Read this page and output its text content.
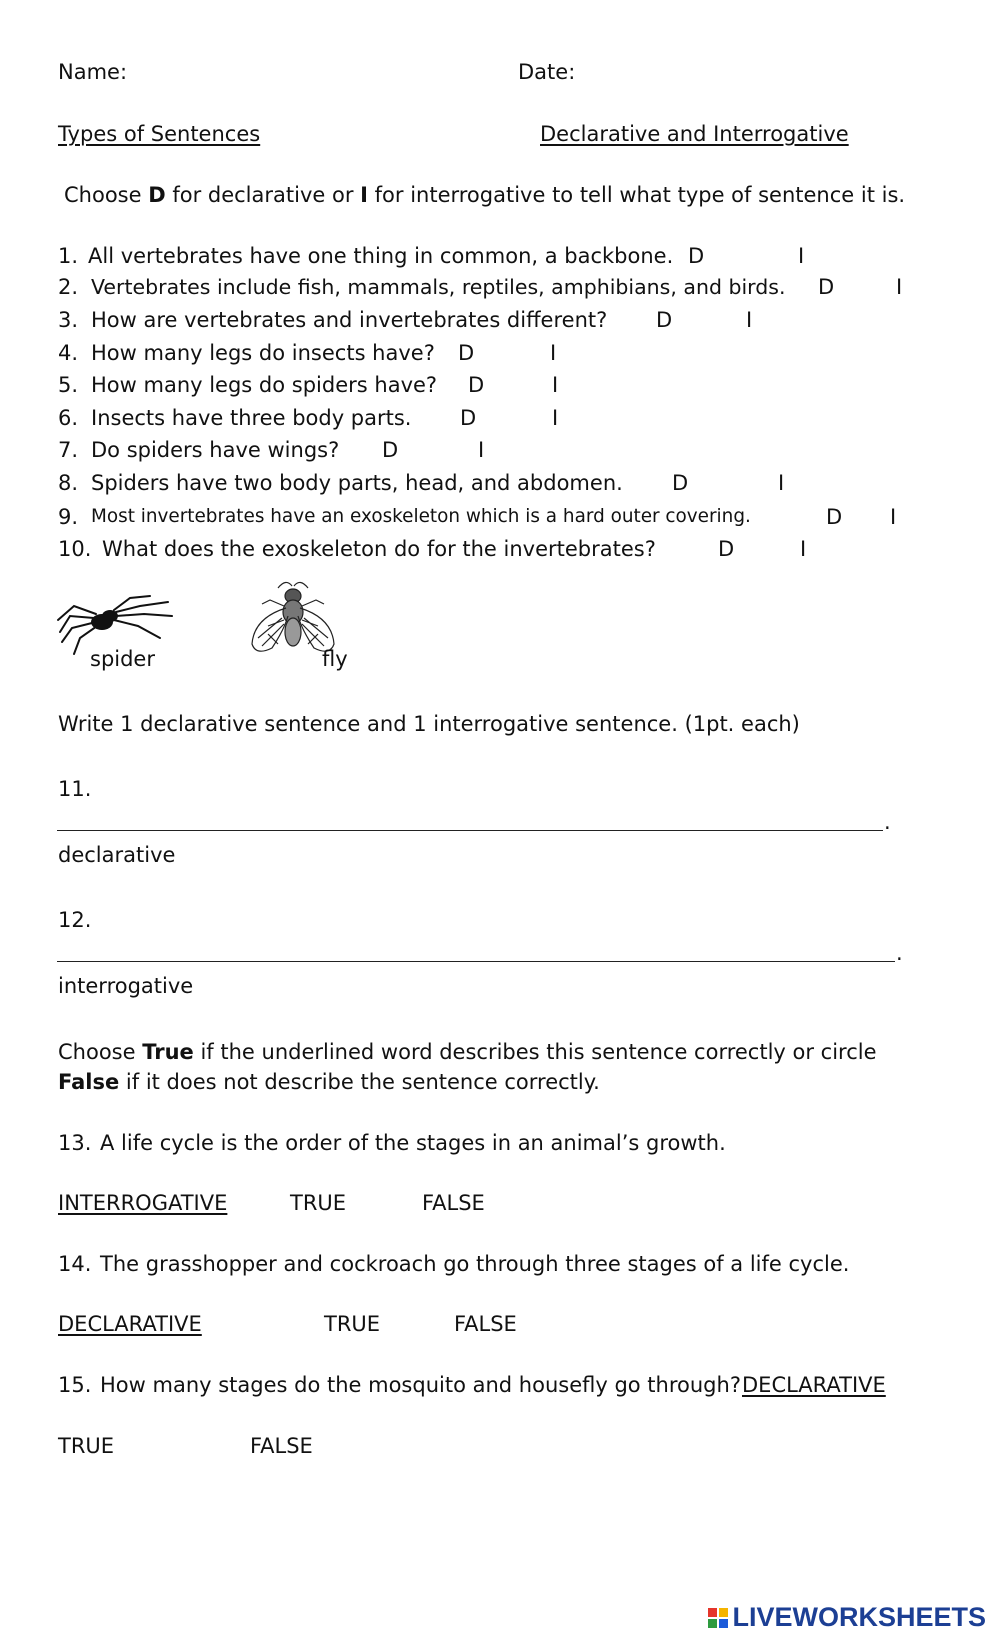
Name:	Date:
Types of Sentences	Declarative and Interrogative
Choose D for declarative or I for interrogative to tell what type of sentence it is.
1. All vertebrates have one thing in common, a backbone. D	I
2. Vertebrates include fish, mammals, reptiles, amphibians, and birds. D	I
3. How are vertebrates and invertebrates different? D	I
4. How many legs do insects have? D	I
5. How many legs do spiders have? D	I
6. Insects have three body parts. D	I
7. Do spiders have wings? D	I
8. Spiders have two body parts, head, and abdomen. D	I
9. Most invertebrates have an exoskeleton which is a hard outer covering.	D I
10. What does the exoskeleton do for the invertebrates?	D	I
spider	fly
Write 1 declarative sentence and 1 interrogative sentence. (1pt. each)
11.
.
declarative
12.
.
interrogative
Choose True if the underlined word describes this sentence correctly or circle
False if it does not describe the sentence correctly.
13. A life cycle is the order of the stages in an animal’s growth.
INTERROGATIVE	TRUE	FALSE
14. The grasshopper and cockroach go through three stages of a life cycle.
DECLARATIVE	TRUE	FALSE
15. How many stages do the mosquito and housefly go through? DECLARATIVE
TRUE	FALSE
LIVEWORKSHEETS
